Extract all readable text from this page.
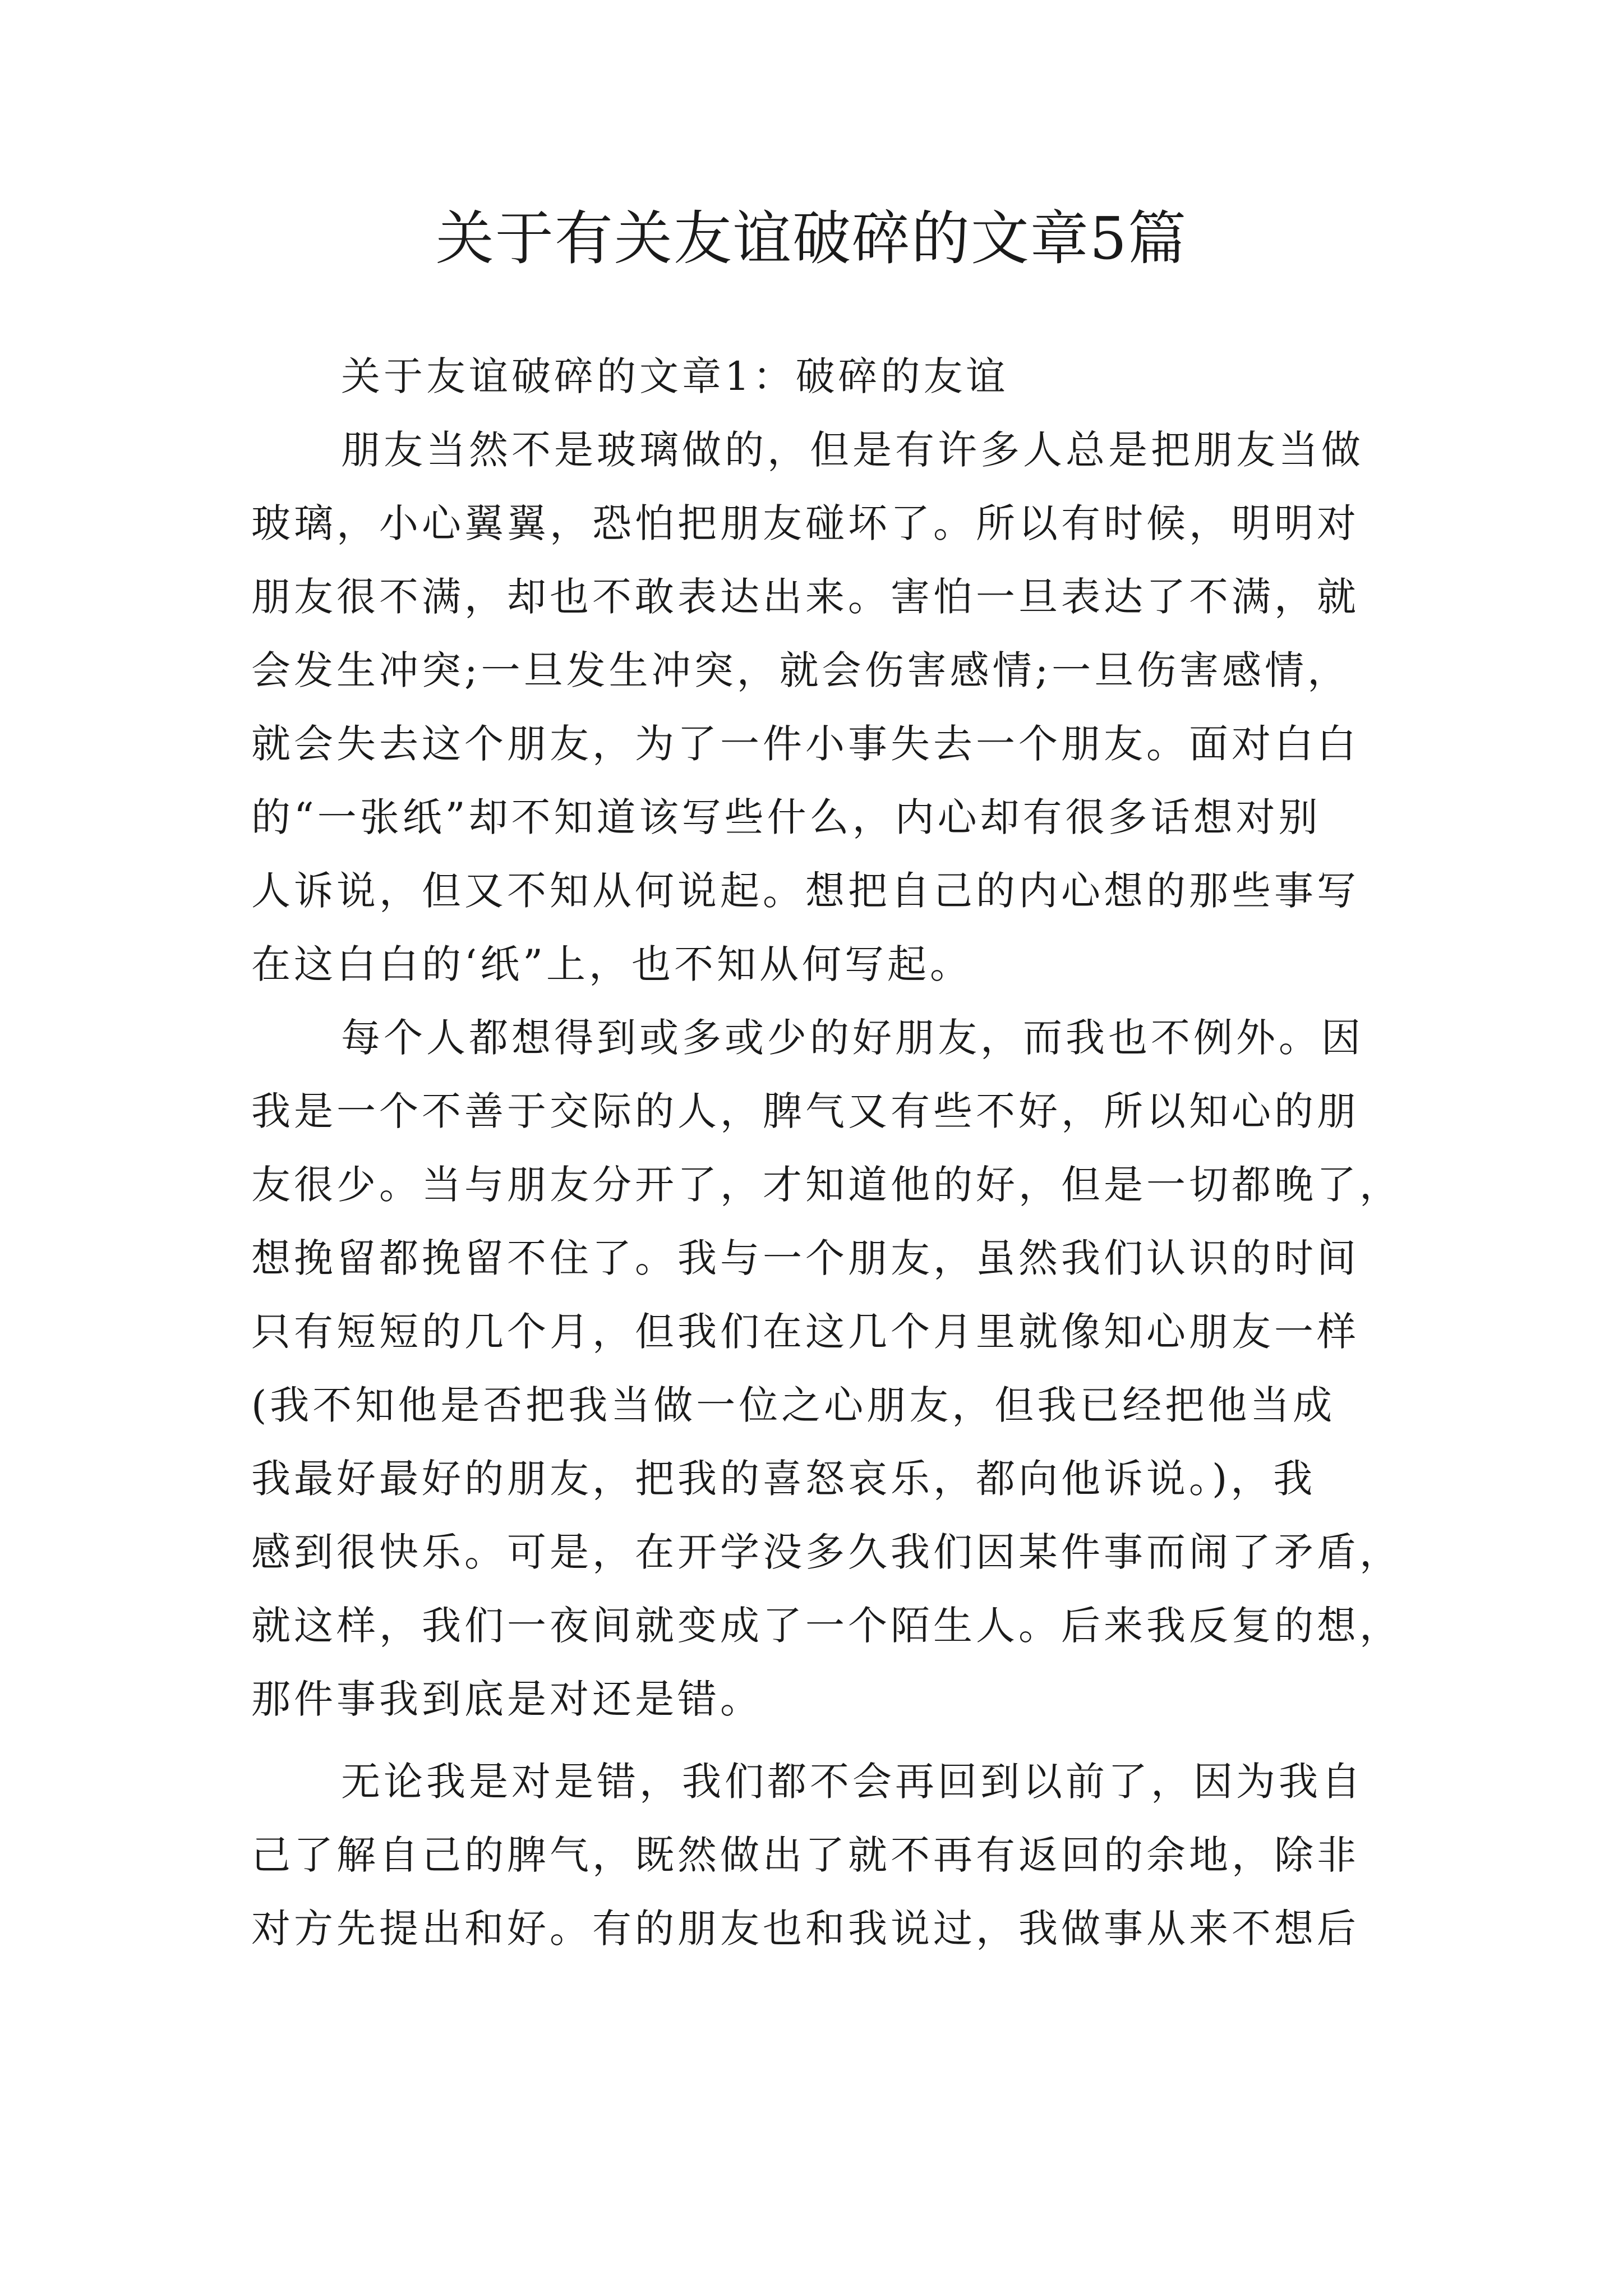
关于有关友谊破碎的文章5篇
关于友谊破碎的文章1：破碎的友谊
朋友当然不是玻璃做的，但是有许多人总是把朋友当做
玻璃，小心翼翼，恐怕把朋友碰坏了。所以有时候，明明对
朋友很不满，却也不敢表达出来。害怕一旦表达了不满，就
会发生冲突;一旦发生冲突，就会伤害感情;一旦伤害感情，
就会失去这个朋友，为了一件小事失去一个朋友。面对白白
的“一张纸”却不知道该写些什么，内心却有很多话想对别
人诉说，但又不知从何说起。想把自己的内心想的那些事写
在这白白的‘纸”上，也不知从何写起。
每个人都想得到或多或少的好朋友，而我也不例外。因
我是一个不善于交际的人，脾气又有些不好，所以知心的朋
友很少。当与朋友分开了，才知道他的好，但是一切都晚了，
想挽留都挽留不住了。我与一个朋友，虽然我们认识的时间
只有短短的几个月，但我们在这几个月里就像知心朋友一样
(我不知他是否把我当做一位之心朋友，但我已经把他当成
我最好最好的朋友，把我的喜怒哀乐，都向他诉说。)，我
感到很快乐。可是，在开学没多久我们因某件事而闹了矛盾，
就这样，我们一夜间就变成了一个陌生人。后来我反复的想，
那件事我到底是对还是错。
无论我是对是错，我们都不会再回到以前了，因为我自
己了解自己的脾气，既然做出了就不再有返回的余地，除非
对方先提出和好。有的朋友也和我说过，我做事从来不想后
